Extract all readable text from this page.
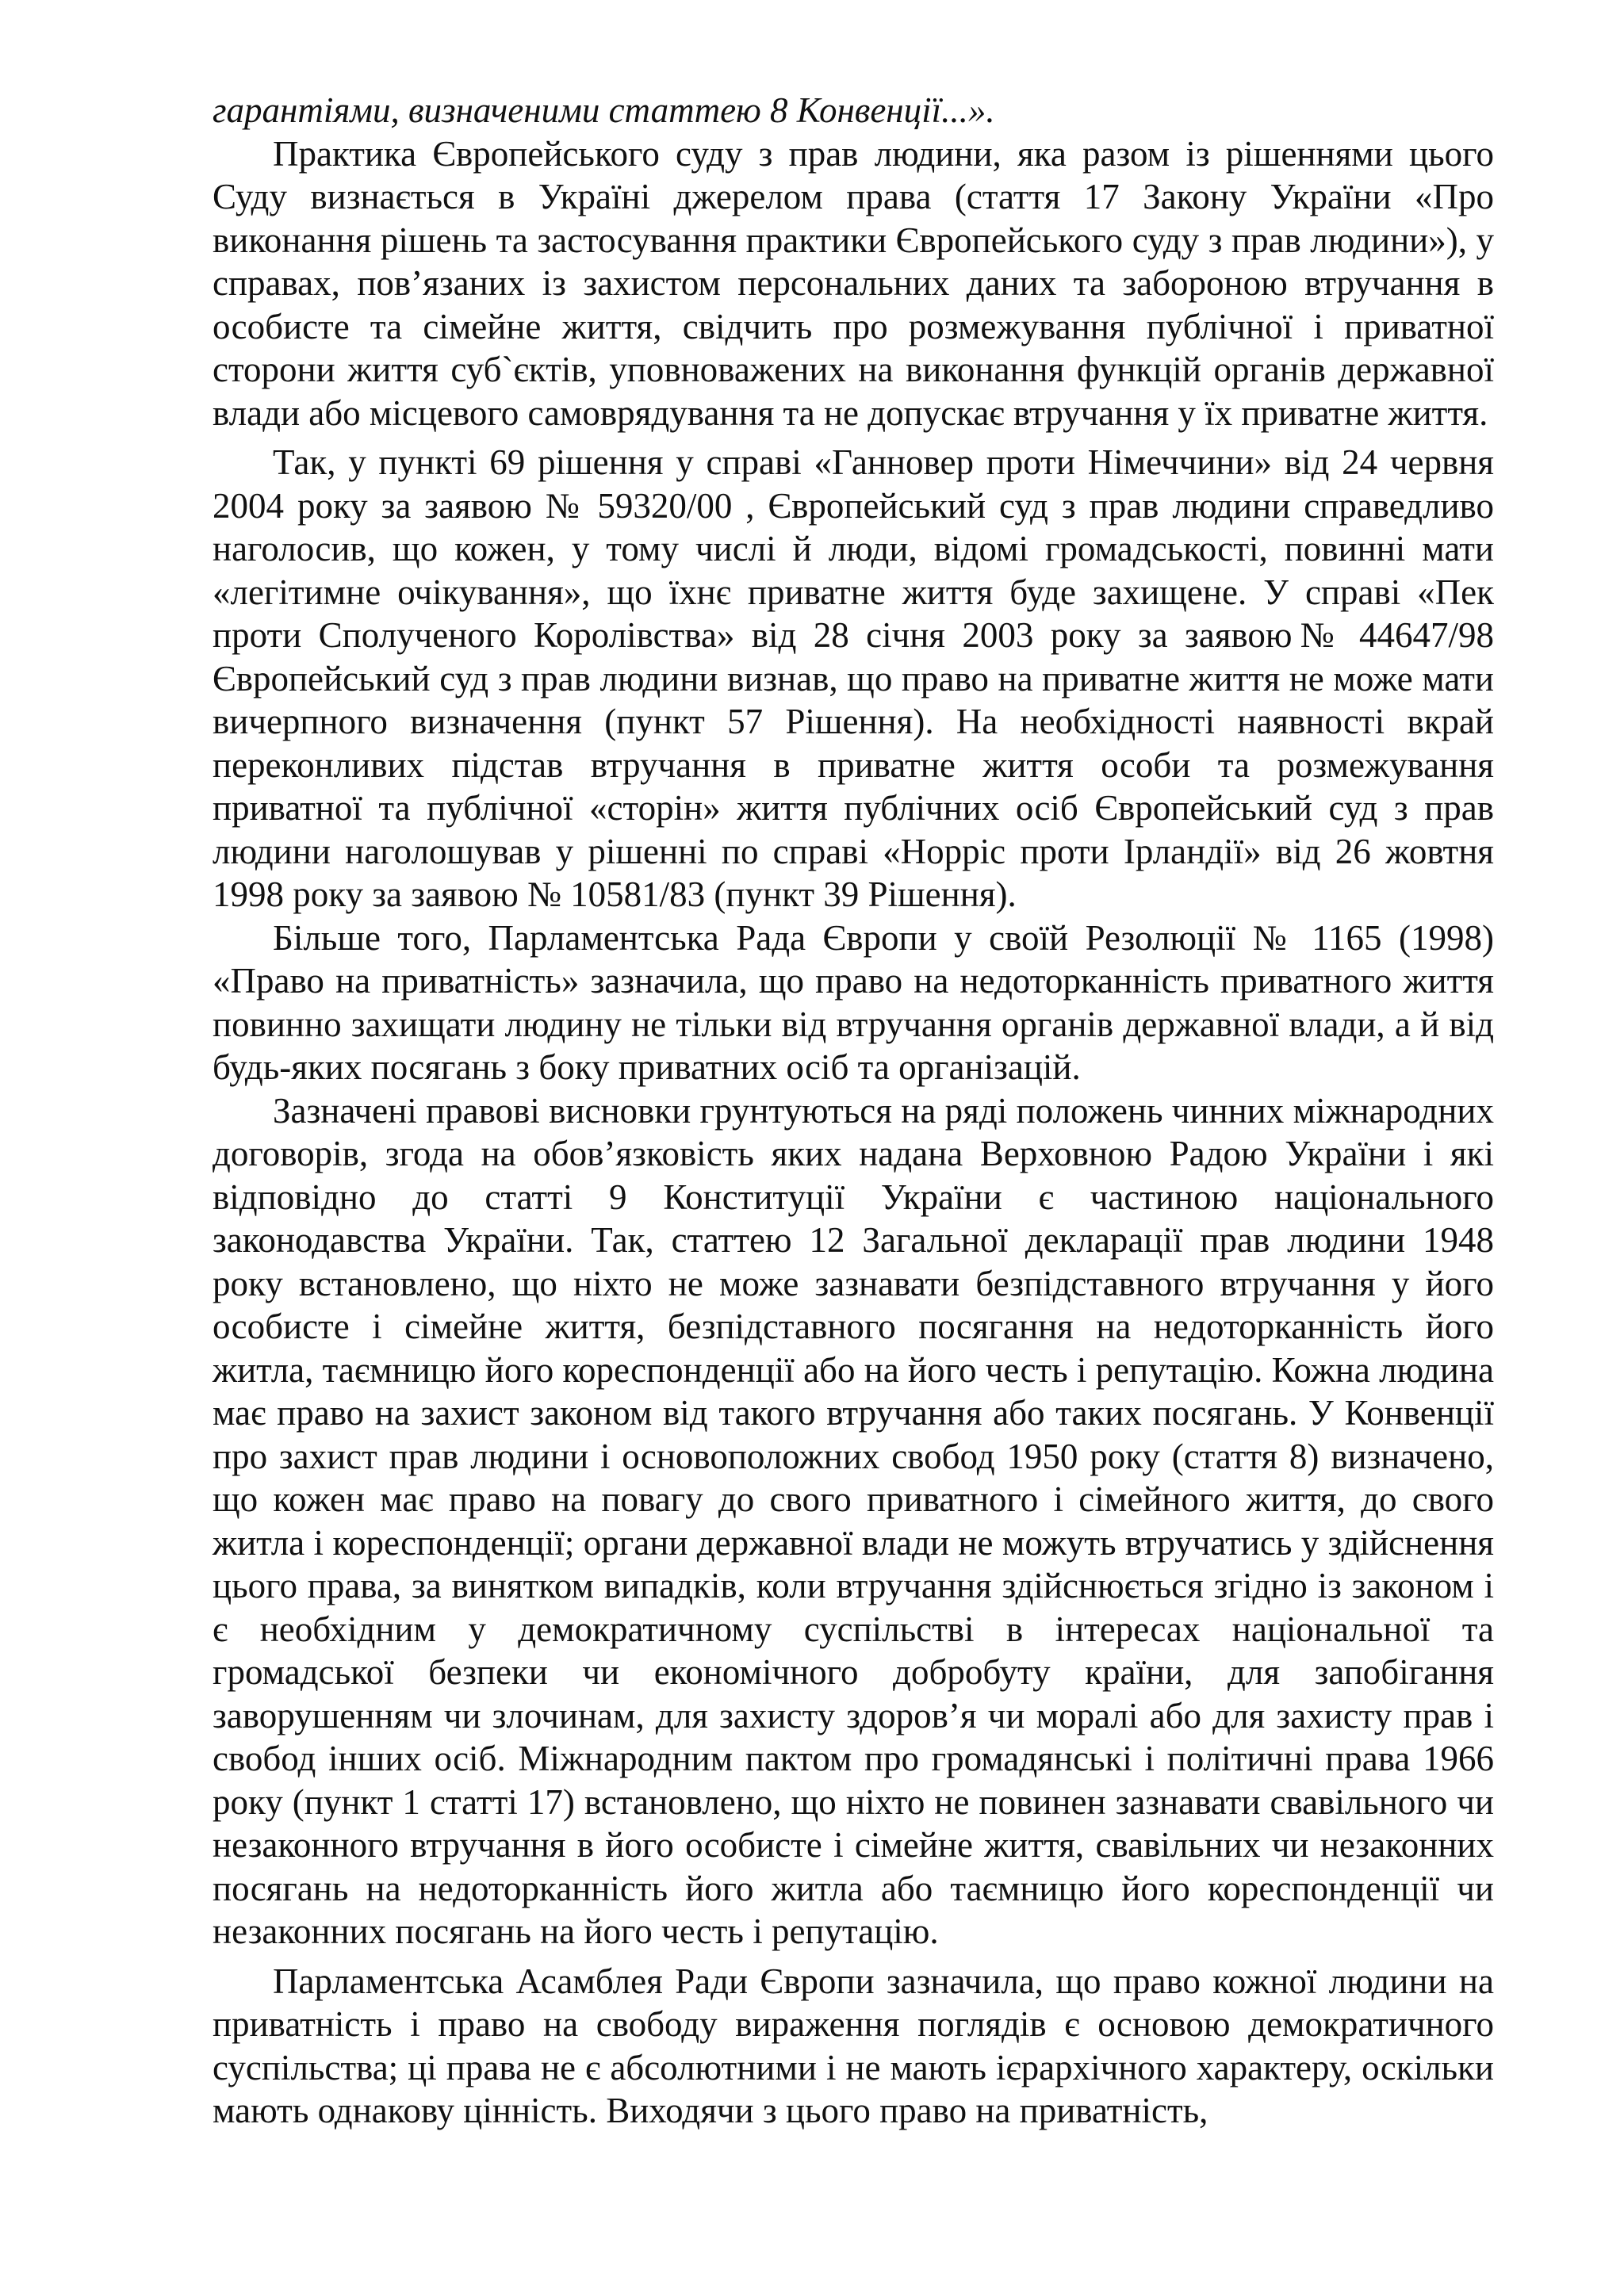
гарантіями, визначеними статтею 8 Конвенції...».

Практика Європейського суду з прав людини, яка разом із рішеннями цього Суду визнається в Україні джерелом права (стаття 17 Закону України «Про виконання рішень та застосування практики Європейського суду з прав людини»), у справах, пов’язаних із захистом персональних даних та забороною втручання в особисте та сімейне життя, свідчить про розмежування публічної і приватної сторони життя суб`єктів, уповноважених на виконання функцій органів державної влади або місцевого самоврядування та не допускає втручання у їх приватне життя.

Так, у пункті 69 рішення у справі «Ганновер проти Німеччини» від 24 червня 2004 року за заявою № 59320/00 , Європейський суд з прав людини справедливо наголосив, що кожен, у тому числі й люди, відомі громадськості, повинні мати «легітимне очікування», що їхнє приватне життя буде захищене. У справі «Пек проти Сполученого Королівства» від 28 січня 2003 року за заявою№ 44647/98 Європейський суд з прав людини визнав, що право на приватне життя не може мати вичерпного визначення (пункт 57 Рішення). На необхідності наявності вкрай переконливих підстав втручання в приватне життя особи та розмежування приватної та публічної «сторін» життя публічних осіб Європейський суд з прав людини наголошував у рішенні по справі «Норріс проти Ірландії» від 26 жовтня 1998 року за заявою № 10581/83 (пункт 39 Рішення).

Більше того, Парламентська Рада Європи у своїй Резолюції № 1165 (1998) «Право на приватність» зазначила, що право на недоторканність приватного життя повинно захищати людину не тільки від втручання органів державної влади, а й від будь-яких посягань з боку приватних осіб та організацій.

Зазначені правові висновки грунтуються на ряді положень чинних міжнародних договорів, згода на обов’язковість яких надана Верховною Радою України і які відповідно до статті 9 Конституції України є частиною національного законодавства України. Так, статтею 12 Загальної декларації прав людини 1948 року встановлено, що ніхто не може зазнавати безпідставного втручання у його особисте і сімейне життя, безпідставного посягання на недоторканність його житла, таємницю його кореспонденції або на його честь і репутацію. Кожна людина має право на захист законом від такого втручання або таких посягань. У Конвенції про захист прав людини і основоположних свобод 1950 року (стаття 8) визначено, що кожен має право на повагу до свого приватного і сімейного життя, до свого житла і кореспонденції; органи державної влади не можуть втручатись у здійснення цього права, за винятком випадків, коли втручання здійснюється згідно із законом і є необхідним у демократичному суспільстві в інтересах національної та громадської безпеки чи економічного добробуту країни, для запобігання заворушенням чи злочинам, для захисту здоров’я чи моралі або для захисту прав і свобод інших осіб. Міжнародним пактом про громадянські і політичні права 1966 року (пункт 1 статті 17) встановлено, що ніхто не повинен зазнавати свавільного чи незаконного втручання в його особисте і сімейне життя, свавільних чи незаконних посягань на недоторканність його житла або таємницю його кореспонденції чи незаконних посягань на його честь і репутацію.

Парламентська Асамблея Ради Європи зазначила, що право кожної людини на приватність і право на свободу вираження поглядів є основою демократичного суспільства; ці права не є абсолютними і не мають ієрархічного характеру, оскільки мають однакову цінність. Виходячи з цього право на приватність,
